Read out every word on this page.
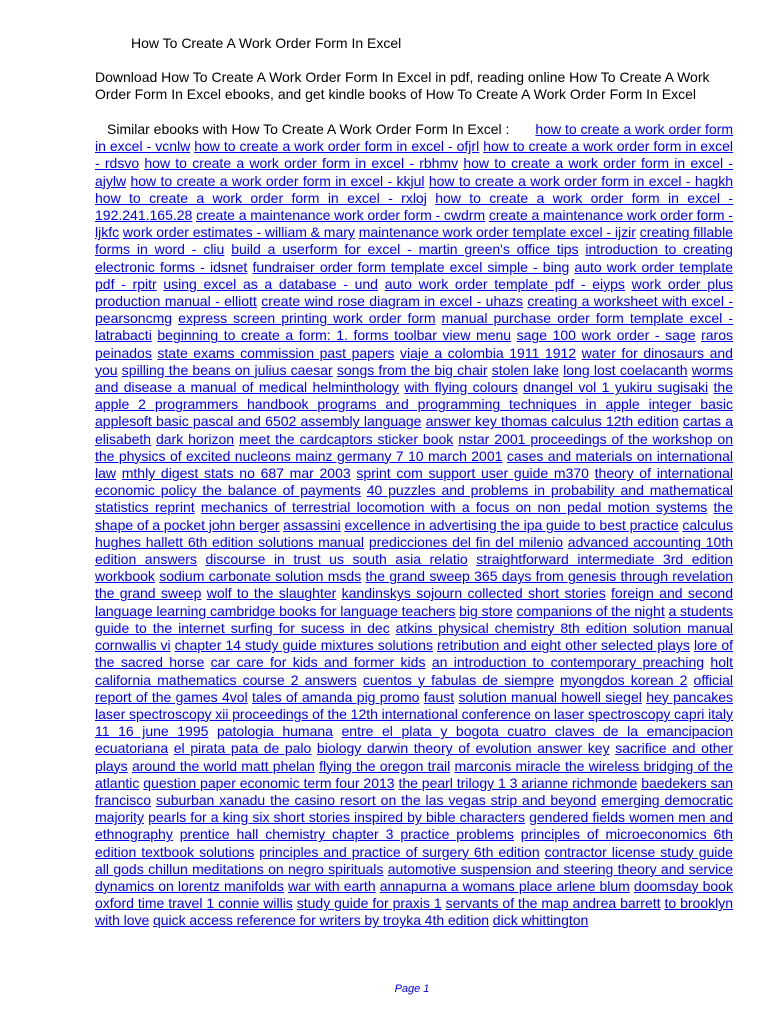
How To Create A Work Order Form In Excel
Download How To Create A Work Order Form In Excel in pdf, reading online How To Create A Work Order Form In Excel ebooks, and get kindle books of How To Create A Work Order Form In Excel
Similar ebooks with How To Create A Work Order Form In Excel : how to create a work order form in excel - vcnlw how to create a work order form in excel - ofjrl how to create a work order form in excel - rdsvo how to create a work order form in excel - rbhmv how to create a work order form in excel - ajylw how to create a work order form in excel - kkjul how to create a work order form in excel - hagkh how to create a work order form in excel - rxloj how to create a work order form in excel - 192.241.165.28 create a maintenance work order form - cwdrm create a maintenance work order form - ljkfc work order estimates - william & mary maintenance work order template excel - ijzir creating fillable forms in word - cliu build a userform for excel - martin green's office tips introduction to creating electronic forms - idsnet fundraiser order form template excel simple - bing auto work order template pdf - rpitr using excel as a database - und auto work order template pdf - eiyps work order plus production manual - elliott create wind rose diagram in excel - uhazs creating a worksheet with excel - pearsoncmg express screen printing work order form manual purchase order form template excel - latrabacti beginning to create a form: 1. forms toolbar view menu sage 100 work order - sage raros peinados state exams commission past papers viaje a colombia 1911 1912 water for dinosaurs and you spilling the beans on julius caesar songs from the big chair stolen lake long lost coelacanth worms and disease a manual of medical helminthology with flying colours dnangel vol 1 yukiru sugisaki the apple 2 programmers handbook programs and programming techniques in apple integer basic applesoft basic pascal and 6502 assembly language answer key thomas calculus 12th edition cartas a elisabeth dark horizon meet the cardcaptors sticker book nstar 2001 proceedings of the workshop on the physics of excited nucleons mainz germany 7 10 march 2001 cases and materials on international law mthly digest stats no 687 mar 2003 sprint com support user guide m370 theory of international economic policy the balance of payments 40 puzzles and problems in probability and mathematical statistics reprint mechanics of terrestrial locomotion with a focus on non pedal motion systems the shape of a pocket john berger assassini excellence in advertising the ipa guide to best practice calculus hughes hallett 6th edition solutions manual predicciones del fin del milenio advanced accounting 10th edition answers discourse in trust us south asia relatio straightforward intermediate 3rd edition workbook sodium carbonate solution msds the grand sweep 365 days from genesis through revelation the grand sweep wolf to the slaughter kandinskys sojourn collected short stories foreign and second language learning cambridge books for language teachers big store companions of the night a students guide to the internet surfing for sucess in dec atkins physical chemistry 8th edition solution manual cornwallis vi chapter 14 study guide mixtures solutions retribution and eight other selected plays lore of the sacred horse car care for kids and former kids an introduction to contemporary preaching holt california mathematics course 2 answers cuentos y fabulas de siempre myongdos korean 2 official report of the games 4vol tales of amanda pig promo faust solution manual howell siegel hey pancakes laser spectroscopy xii proceedings of the 12th international conference on laser spectroscopy capri italy 11 16 june 1995 patologia humana entre el plata y bogota cuatro claves de la emancipacion ecuatoriana el pirata pata de palo biology darwin theory of evolution answer key sacrifice and other plays around the world matt phelan flying the oregon trail marconis miracle the wireless bridging of the atlantic question paper economic term four 2013 the pearl trilogy 1 3 arianne richmonde baedekers san francisco suburban xanadu the casino resort on the las vegas strip and beyond emerging democratic majority pearls for a king six short stories inspired by bible characters gendered fields women men and ethnography prentice hall chemistry chapter 3 practice problems principles of microeconomics 6th edition textbook solutions principles and practice of surgery 6th edition contractor license study guide all gods chillun meditations on negro spirituals automotive suspension and steering theory and service dynamics on lorentz manifolds war with earth annapurna a womans place arlene blum doomsday book oxford time travel 1 connie willis study guide for praxis 1 servants of the map andrea barrett to brooklyn with love quick access reference for writers by troyka 4th edition dick whittington
Page 1
